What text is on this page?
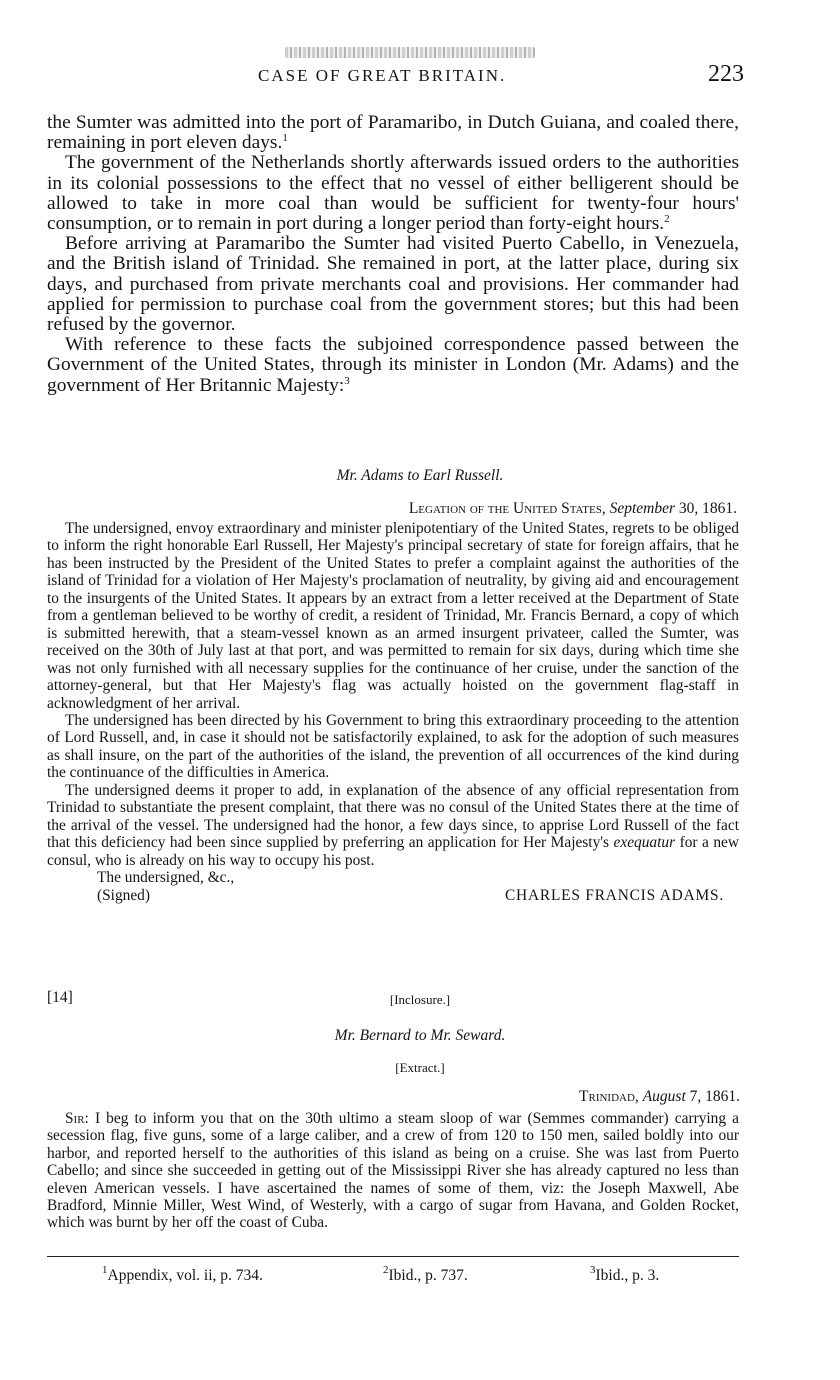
CASE OF GREAT BRITAIN.	223

the Sumter was admitted into the port of Paramaribo, in Dutch Guiana, and coaled there, remaining in port eleven days.$^1$

The government of the Netherlands shortly afterwards issued orders to the authorities in its colonial possessions to the effect that no vessel of either belligerent should be allowed to take in more coal than would be sufficient for twenty-four hours' consumption, or to remain in port during a longer period than forty-eight hours.$^2$

Before arriving at Paramaribo the Sumter had visited Puerto Cabello, in Venezuela, and the British island of Trinidad. She remained in port, at the latter place, during six days, and purchased from private merchants coal and provisions. Her commander had applied for permission to purchase coal from the government stores; but this had been refused by the governor.

With reference to these facts the subjoined correspondence passed between the Government of the United States, through its minister in London (Mr. Adams) and the government of Her Britannic Majesty:$^3$

Mr. Adams to Earl Russell.
Legation of the United States, September 30, 1861.

The undersigned, envoy extraordinary and minister plenipotentiary of the United States, regrets to be obliged to inform the right honorable Earl Russell, Her Majesty's principal secretary of state for foreign affairs, that he has been instructed by the President of the United States to prefer a complaint against the authorities of the island of Trinidad for a violation of Her Majesty's proclamation of neutrality, by giving aid and encouragement to the insurgents of the United States. It appears by an extract from a letter received at the Department of State from a gentleman believed to be worthy of credit, a resident of Trinidad, Mr. Francis Bernard, a copy of which is submitted herewith, that a steam-vessel known as an armed insurgent privateer, called the Sumter, was received on the 30th of July last at that port, and was permitted to remain for six days, during which time she was not only furnished with all necessary supplies for the continuance of her cruise, under the sanction of the attorney-general, but that Her Majesty's flag was actually hoisted on the government flag-staff in acknowledgment of her arrival.

The undersigned has been directed by his Government to bring this extraordinary proceeding to the attention of Lord Russell, and, in case it should not be satisfactorily explained, to ask for the adoption of such measures as shall insure, on the part of the authorities of the island, the prevention of all occurrences of the kind during the continuance of the difficulties in America.

The undersigned deems it proper to add, in explanation of the absence of any official representation from Trinidad to substantiate the present complaint, that there was no consul of the United States there at the time of the arrival of the vessel. The undersigned had the honor, a few days since, to apprise Lord Russell of the fact that this deficiency had been since supplied by preferring an application for Her Majesty's exequatur for a new consul, who is already on his way to occupy his post.

The undersigned, &c.,

(Signed)	CHARLES FRANCIS ADAMS.
[14]	[Inclosure.]
Mr. Bernard to Mr. Seward.
[Extract.]
Trinidad, August 7, 1861.

Sir: I beg to inform you that on the 30th ultimo a steam sloop of war (Semmes commander) carrying a secession flag, five guns, some of a large caliber, and a crew of from 120 to 150 men, sailed boldly into our harbor, and reported herself to the authorities of this island as being on a cruise. She was last from Puerto Cabello; and since she succeeded in getting out of the Mississippi River she has already captured no less than eleven American vessels. I have ascertained the names of some of them, viz: the Joseph Maxwell, Abe Bradford, Minnie Miller, West Wind, of Westerly, with a cargo of sugar from Havana, and Golden Rocket, which was burnt by her off the coast of Cuba.

$^1$Appendix, vol. ii, p. 734.	$^2$Ibid., p. 737.	$^3$Ibid., p. 3.
